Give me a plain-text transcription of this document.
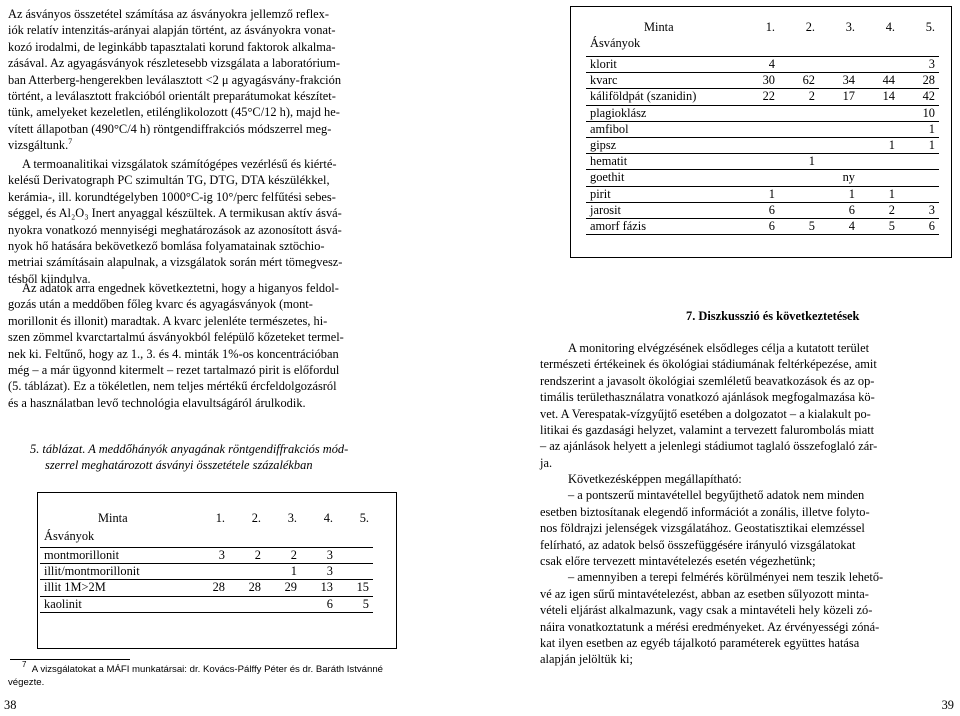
Az ásványos összetétel számítása az ásványokra jellemző reflex-
iók relatív intenzitás-arányai alapján történt, az ásványokra vonat-
kozó irodalmi, de leginkább tapasztalati korund faktorok alkalma-
zásával. Az agyagásványok részletesebb vizsgálata a laboratórium-
ban Atterberg-hengerekben leválasztott <2 μ agyagásvány-frakción
történt, a leválasztott frakcióból orientált preparátumokat készítet-
tünk, amelyeket kezeletlen, etilénglikolozott (45°C/12 h), majd he-
vített állapotban (490°C/4 h) röntgendiffrakciós módszerrel meg-
vizsgáltunk.$^7$
A termoanalitikai vizsgálatok számítógépes vezérlésű és kiérté-
kelésű Derivatograph PC szimultán TG, DTG, DTA készülékkel,
kerámia-, ill. korundtégelyben 1000°C-ig 10°/perc felfűtési sebes-
séggel, és Al₂O₃ Inert anyaggal készültek. A termikusan aktív ásvá-
nyokra vonatkozó mennyiségi meghatározások az azonosított ásvá-
nyok hő hatására bekövetkező bomlása folyamatainak sztöchio-
metriai számításain alapulnak, a vizsgálatok során mért tömegvesz-
tésből kiindulva.
Az adatok arra engednek következtetni, hogy a higanyos feldol-
gozás után a meddőben főleg kvarc és agyagásványok (mont-
morillonit és illonit) maradtak. A kvarc jelenléte természetes, hi-
szen zömmel kvarctartalmú ásványokból felépülő kőzeteket termel-
nek ki. Feltűnő, hogy az 1., 3. és 4. minták 1%-os koncentrációban
még – a már ügyonnd kitermelt – rezet tartalmazó pirit is előfordul
(5. táblázat). Ez a tökéletlen, nem teljes mértékű ércfeldolgozásról
és a használatban levő technológia elavultságáról árulkodik.
5. táblázat. A meddőhányók anyagának röntgendiffrakciós mód-
szerrel meghatározott ásványi összetétele százalékban
Minta
Ásványok	1.	2.	3.	4.	5.
montmorillonit	3	2	2	3	
illit/montmorillonit			1	3	
illit 1M>2M	28	28	29	13	15
kaolinit				6	5
$^7$ A vizsgálatokat a MÁFI munkatársai: dr. Kovács-Pálffy Péter és dr. Baráth Istvánné
végezte.
38
Minta
Ásványok	1.	2.	3.	4.	5.
klorit	4				3
kvarc	30	62	34	44	28
káliföldpát (szanidin)	22	2	17	14	42
plagioklász					10
amfibol					1
gipsz				1	1
hematit		1			
goethit			ny		
pirit	1		1	1	
jarosit	6		6	2	3
amorf fázis	6	5	4	5	6
7. Diszkusszió és következtetések
A monitoring elvégzésének elsődleges célja a kutatott terület
természeti értékeinek és ökológiai stádiumának feltérképezése, amit
rendszerint a javasolt ökológiai szemléletű beavatkozások és az op-
timális területhasználatra vonatkozó ajánlások megfogalmazása kö-
vet. A Verespatak-vízgyűjtő esetében a dolgozatot – a kialakult po-
litikai és gazdasági helyzet, valamint a tervezett falurombolás miatt
– az ajánlások helyett a jelenlegi stádiumot taglaló összefoglaló zár-
ja.
Következésképpen megállapítható:
– a pontszerű mintavétellel begyűjthető adatok nem minden
esetben biztosítanak elegendő információt a zonális, illetve folyto-
nos földrajzi jelenségek vizsgálatához. Geostatisztikai elemzéssel
felírható, az adatok belső összefüggésére irányuló vizsgálatokat
csak előre tervezett mintavételezés esetén végezhetünk;
– amennyiben a terepi felmérés körülményei nem teszik lehető-
vé az igen sűrű mintavételezést, abban az esetben sűlyozott minta-
vételi eljárást alkalmazunk, vagy csak a mintavételi hely közeli zó-
náira vonatkoztatunk a mérési eredményeket. Az érvényességi zóná-
kat ilyen esetben az egyéb tájalkotó paraméterek együttes hatása
alapján jelöltük ki;
39
